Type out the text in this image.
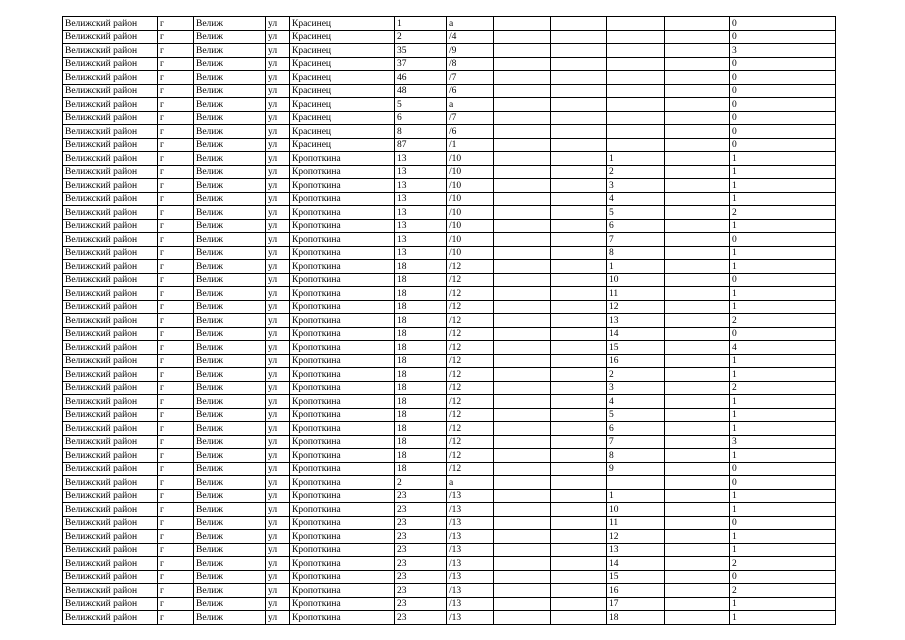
Велижский район	г	Велиж	ул	Красинец	1	а					0
Велижский район	г	Велиж	ул	Красинец	2	/4					0
Велижский район	г	Велиж	ул	Красинец	35	/9					3
Велижский район	г	Велиж	ул	Красинец	37	/8					0
Велижский район	г	Велиж	ул	Красинец	46	/7					0
Велижский район	г	Велиж	ул	Красинец	48	/6					0
Велижский район	г	Велиж	ул	Красинец	5	а					0
Велижский район	г	Велиж	ул	Красинец	6	/7					0
Велижский район	г	Велиж	ул	Красинец	8	/6					0
Велижский район	г	Велиж	ул	Красинец	87	/1					0
Велижский район	г	Велиж	ул	Кропоткина	13	/10			1		1
Велижский район	г	Велиж	ул	Кропоткина	13	/10			2		1
Велижский район	г	Велиж	ул	Кропоткина	13	/10			3		1
Велижский район	г	Велиж	ул	Кропоткина	13	/10			4		1
Велижский район	г	Велиж	ул	Кропоткина	13	/10			5		2
Велижский район	г	Велиж	ул	Кропоткина	13	/10			6		1
Велижский район	г	Велиж	ул	Кропоткина	13	/10			7		0
Велижский район	г	Велиж	ул	Кропоткина	13	/10			8		1
Велижский район	г	Велиж	ул	Кропоткина	18	/12			1		1
Велижский район	г	Велиж	ул	Кропоткина	18	/12			10		0
Велижский район	г	Велиж	ул	Кропоткина	18	/12			11		1
Велижский район	г	Велиж	ул	Кропоткина	18	/12			12		1
Велижский район	г	Велиж	ул	Кропоткина	18	/12			13		2
Велижский район	г	Велиж	ул	Кропоткина	18	/12			14		0
Велижский район	г	Велиж	ул	Кропоткина	18	/12			15		4
Велижский район	г	Велиж	ул	Кропоткина	18	/12			16		1
Велижский район	г	Велиж	ул	Кропоткина	18	/12			2		1
Велижский район	г	Велиж	ул	Кропоткина	18	/12			3		2
Велижский район	г	Велиж	ул	Кропоткина	18	/12			4		1
Велижский район	г	Велиж	ул	Кропоткина	18	/12			5		1
Велижский район	г	Велиж	ул	Кропоткина	18	/12			6		1
Велижский район	г	Велиж	ул	Кропоткина	18	/12			7		3
Велижский район	г	Велиж	ул	Кропоткина	18	/12			8		1
Велижский район	г	Велиж	ул	Кропоткина	18	/12			9		0
Велижский район	г	Велиж	ул	Кропоткина	2	а					0
Велижский район	г	Велиж	ул	Кропоткина	23	/13			1		1
Велижский район	г	Велиж	ул	Кропоткина	23	/13			10		1
Велижский район	г	Велиж	ул	Кропоткина	23	/13			11		0
Велижский район	г	Велиж	ул	Кропоткина	23	/13			12		1
Велижский район	г	Велиж	ул	Кропоткина	23	/13			13		1
Велижский район	г	Велиж	ул	Кропоткина	23	/13			14		2
Велижский район	г	Велиж	ул	Кропоткина	23	/13			15		0
Велижский район	г	Велиж	ул	Кропоткина	23	/13			16		2
Велижский район	г	Велиж	ул	Кропоткина	23	/13			17		1
Велижский район	г	Велиж	ул	Кропоткина	23	/13			18		1
